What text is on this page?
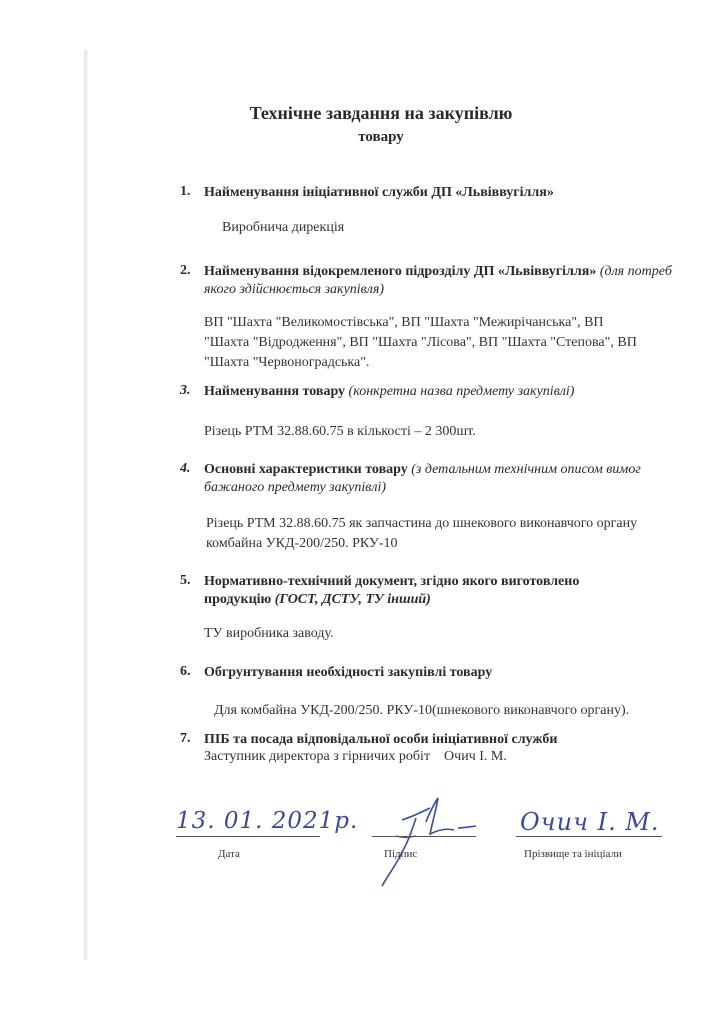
Технічне завдання на закупівлю
товару
1. Найменування ініціативної служби ДП «Львіввугілля»
Виробнича дирекція
2. Найменування відокремленого підрозділу ДП «Львіввугілля» (для потреб якого здійснюється закупівля)
ВП "Шахта "Великомостівська", ВП "Шахта "Межирічанська", ВП
"Шахта "Відродження", ВП "Шахта "Лісова", ВП "Шахта "Степова", ВП
"Шахта "Червоноградська".
3. Найменування товару (конкретна назва предмету закупівлі)
Різець РТМ 32.88.60.75 в кількості – 2 300шт.
4. Основні характеристики товару (з детальним технічним описом вимог бажаного предмету закупівлі)
Різець РТМ 32.88.60.75 як запчастина до шнекового виконавчого органу
комбайна УКД-200/250. РКУ-10
5. Нормативно-технічний документ, згідно якого виготовлено продукцію (ГОСТ, ДСТУ, ТУ інший)
ТУ виробника заводу.
6. Обгрунтування необхідності закупівлі товару
Для комбайна УКД-200/250. РКУ-10(шнекового виконавчого органу).
7. ПІБ та посада відповідальної особи ініціативної служби
Заступник директора з гірничих робіт    Очич І. М.
13. 01. 2021р.
Дата	Підпис
Очич І. М.
Прізвище та ініціали
